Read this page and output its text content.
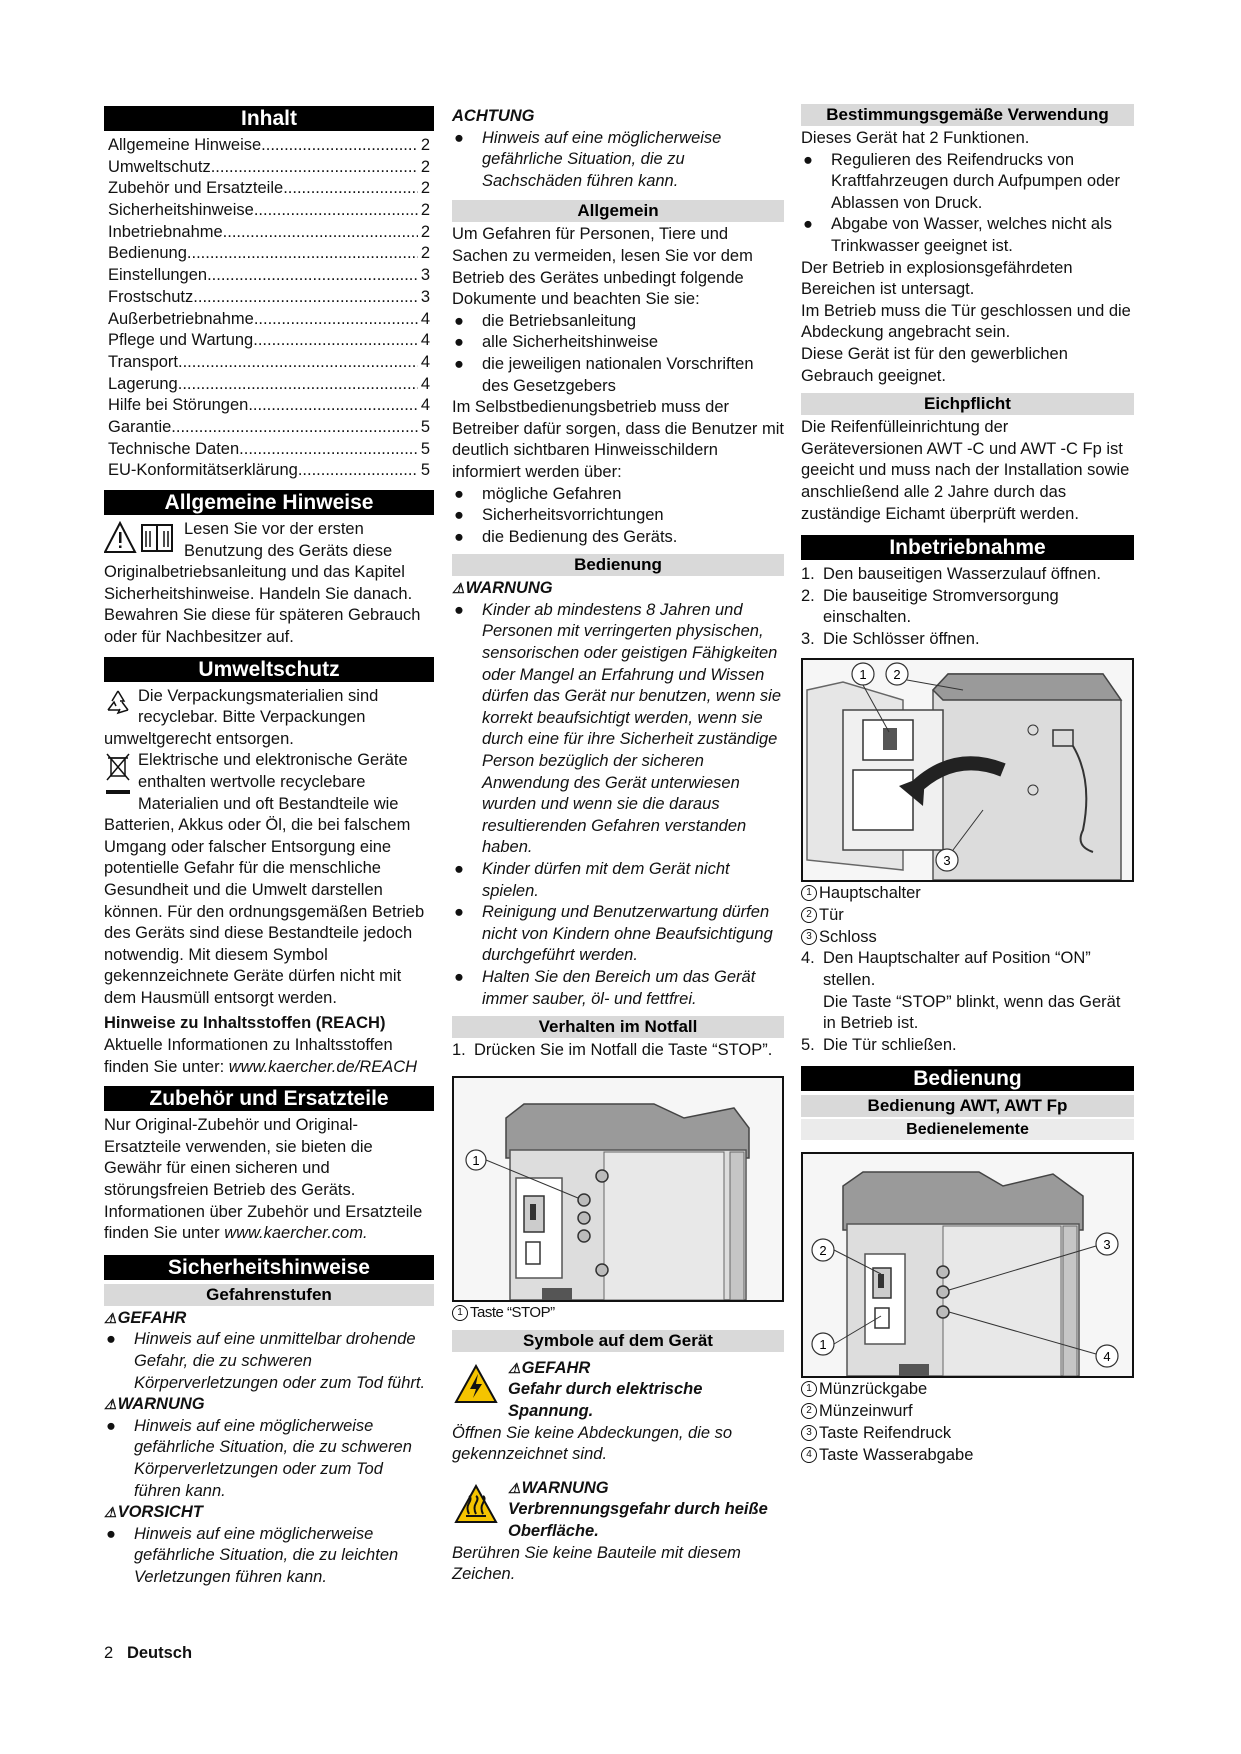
Inhalt
Allgemeine Hinweise .....	2
Umweltschutz .....	2
Zubehör und Ersatzteile .....	2
Sicherheitshinweise .....	2
Inbetriebnahme .....	2
Bedienung .....	2
Einstellungen .....	3
Frostschutz .....	3
Außerbetriebnahme .....	4
Pflege und Wartung .....	4
Transport .....	4
Lagerung .....	4
Hilfe bei Störungen .....	4
Garantie .....	5
Technische Daten .....	5
EU-Konformitätserklärung .....	5
Allgemeine Hinweise

Lesen Sie vor der ersten Benutzung des Geräts diese Originalbetriebsanleitung und das Kapitel Sicherheitshinweise. Handeln Sie danach.

Bewahren Sie diese für späteren Gebrauch oder für Nachbesitzer auf.

Umweltschutz

Die Verpackungsmaterialien sind recyclebar. Bitte Verpackungen umweltgerecht entsorgen.

Elektrische und elektronische Geräte enthalten wertvolle recyclebare Materialien und oft Bestandteile wie Batterien, Akkus oder Öl, die bei falschem Umgang oder falscher Entsorgung eine potentielle Gefahr für die menschliche Gesundheit und die Umwelt darstellen können. Für den ordnungsgemäßen Betrieb des Geräts sind diese Bestandteile jedoch notwendig. Mit diesem Symbol gekennzeichnete Geräte dürfen nicht mit dem Hausmüll entsorgt werden.

Hinweise zu Inhaltsstoffen (REACH)

Aktuelle Informationen zu Inhaltsstoffen finden Sie unter: www.kaercher.de/REACH

Zubehör und Ersatzteile

Nur Original-Zubehör und Original-Ersatzteile verwenden, sie bieten die Gewähr für einen sicheren und störungsfreien Betrieb des Geräts.

Informationen über Zubehör und Ersatzteile finden Sie unter www.kaercher.com.

Sicherheitshinweise
Gefahrenstufen

⚠GEFAHR

●	Hinweis auf eine unmittelbar drohende Gefahr, die zu schweren Körperverletzungen oder zum Tod führt.

⚠WARNUNG

●	Hinweis auf eine möglicherweise gefährliche Situation, die zu schweren Körperverletzungen oder zum Tod führen kann.

⚠VORSICHT

●	Hinweis auf eine möglicherweise gefährliche Situation, die zu leichten Verletzungen führen kann.

ACHTUNG

●	Hinweis auf eine möglicherweise gefährliche Situation, die zu Sachschäden führen kann.
Allgemein

Um Gefahren für Personen, Tiere und Sachen zu vermeiden, lesen Sie vor dem Betrieb des Gerätes unbedingt folgende Dokumente und beachten Sie sie:

●	die Betriebsanleitung
●	alle Sicherheitshinweise
●	die jeweiligen nationalen Vorschriften des Gesetzgebers

Im Selbstbedienungsbetrieb muss der Betreiber dafür sorgen, dass die Benutzer mit deutlich sichtbaren Hinweisschildern informiert werden über:

●	mögliche Gefahren
●	Sicherheitsvorrichtungen
●	die Bedienung des Geräts.
Bedienung

⚠WARNUNG

●	Kinder ab mindestens 8 Jahren und Personen mit verringerten physischen, sensorischen oder geistigen Fähigkeiten oder Mangel an Erfahrung und Wissen dürfen das Gerät nur benutzen, wenn sie korrekt beaufsichtigt werden, wenn sie durch eine für ihre Sicherheit zuständige Person bezüglich der sicheren Anwendung des Gerät unterwiesen wurden und wenn sie die daraus resultierenden Gefahren verstanden haben.
●	Kinder dürfen mit dem Gerät nicht spielen.
●	Reinigung und Benutzerwartung dürfen nicht von Kindern ohne Beaufsichtigung durchgeführt werden.
●	Halten Sie den Bereich um das Gerät immer sauber, öl- und fettfrei.
Verhalten im Notfall
1. Drücken Sie im Notfall die Taste “STOP”.
1
1 Taste “STOP”
Symbole auf dem Gerät

⚠GEFAHR

Gefahr durch elektrische Spannung.

Öffnen Sie keine Abdeckungen, die so gekennzeichnet sind.

⚠WARNUNG

Verbrennungsgefahr durch heiße Oberfläche.

Berühren Sie keine Bauteile mit diesem Zeichen.

Bestimmungsgemäße Verwendung

Dieses Gerät hat 2 Funktionen.

●	Regulieren des Reifendrucks von Kraftfahrzeugen durch Aufpumpen oder Ablassen von Druck.
●	Abgabe von Wasser, welches nicht als Trinkwasser geeignet ist.

Der Betrieb in explosionsgefährdeten Bereichen ist untersagt.

Im Betrieb muss die Tür geschlossen und die Abdeckung angebracht sein.

Diese Gerät ist für den gewerblichen Gebrauch geeignet.

Eichpflicht

Die Reifenfülleinrichtung der Geräteversionen AWT -C und AWT -C Fp ist geeicht und muss nach der Installation sowie anschließend alle 2 Jahre durch das zuständige Eichamt überprüft werden.

Inbetriebnahme
1. Den bauseitigen Wasserzulauf öffnen.
2. Die bauseitige Stromversorgung einschalten.
3. Die Schlösser öffnen.
1 2
3
1 Hauptschalter
2 Tür
3 Schloss
4. Den Hauptschalter auf Position “ON” stellen.

Die Taste “STOP” blinkt, wenn das Gerät in Betrieb ist.

5. Die Tür schließen.
Bedienung
Bedienung AWT, AWT Fp
Bedienelemente
2
1
3
4
1 Münzrückgabe
2 Münzeinwurf
3 Taste Reifendruck
4 Taste Wasserabgabe
2 Deutsch
